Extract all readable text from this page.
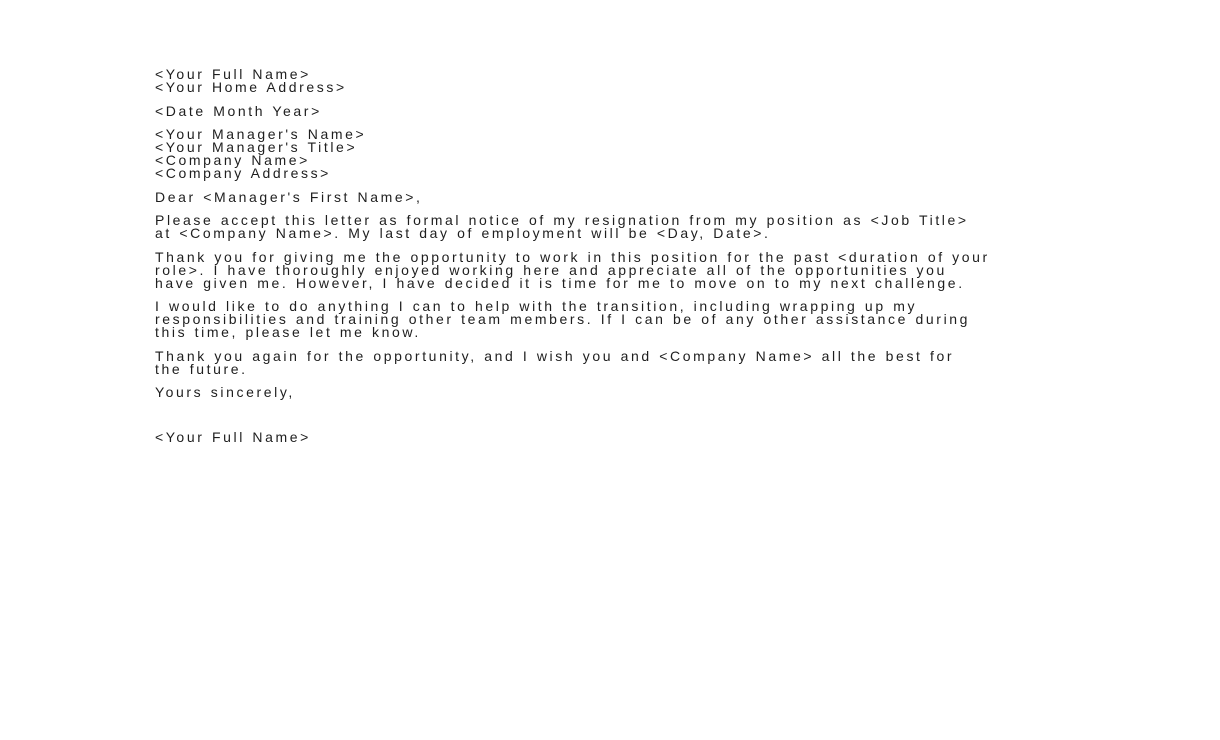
<Your Full Name>
<Your Home Address>
<Date Month Year>
<Your Manager's Name>
<Your Manager's Title>
<Company Name>
<Company Address>
Dear <Manager's First Name>,
Please accept this letter as formal notice of my resignation from my position as <Job Title>
at <Company Name>. My last day of employment will be <Day, Date>.
Thank you for giving me the opportunity to work in this position for the past <duration of your
role>. I have thoroughly enjoyed working here and appreciate all of the opportunities you
have given me. However, I have decided it is time for me to move on to my next challenge.
I would like to do anything I can to help with the transition, including wrapping up my
responsibilities and training other team members. If I can be of any other assistance during
this time, please let me know.
Thank you again for the opportunity, and I wish you and <Company Name> all the best for
the future.
Yours sincerely,
<Your Full Name>
